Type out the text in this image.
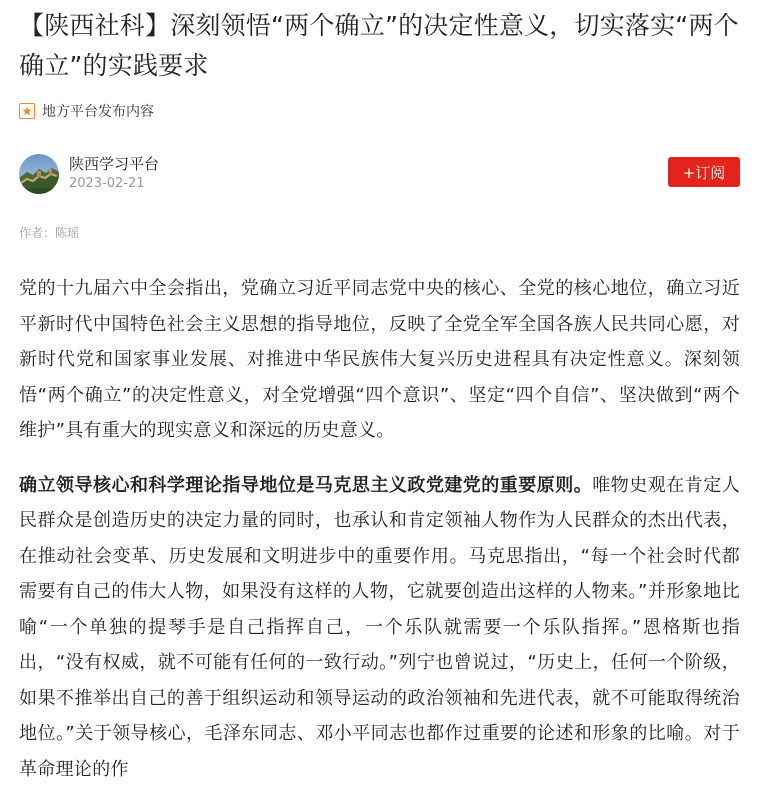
【陕西社科】深刻领悟“两个确立”的决定性意义，切实落实“两个确立”的实践要求
地方平台发布内容
陕西学习平台
2023-02-21
+订阅
作者：陈瑶

党的十九届六中全会指出，党确立习近平同志党中央的核心、全党的核心地位，确立习近平新时代中国特色社会主义思想的指导地位，反映了全党全军全国各族人民共同心愿，对新时代党和国家事业发展、对推进中华民族伟大复兴历史进程具有决定性意义。深刻领悟“两个确立”的决定性意义，对全党增强“四个意识”、坚定“四个自信”、坚决做到“两个维护”具有重大的现实意义和深远的历史意义。

确立领导核心和科学理论指导地位是马克思主义政党建党的重要原则。唯物史观在肯定人民群众是创造历史的决定力量的同时，也承认和肯定领袖人物作为人民群众的杰出代表，在推动社会变革、历史发展和文明进步中的重要作用。马克思指出，“每一个社会时代都需要有自己的伟大人物，如果没有这样的人物，它就要创造出这样的人物来。”并形象地比喻“一个单独的提琴手是自己指挥自己，一个乐队就需要一个乐队指挥。”恩格斯也指出，“没有权威，就不可能有任何的一致行动。”列宁也曾说过，“历史上，任何一个阶级，如果不推举出自己的善于组织运动和领导运动的政治领袖和先进代表，就不可能取得统治地位。”关于领导核心，毛泽东同志、邓小平同志也都作过重要的论述和形象的比喻。对于革命理论的作
